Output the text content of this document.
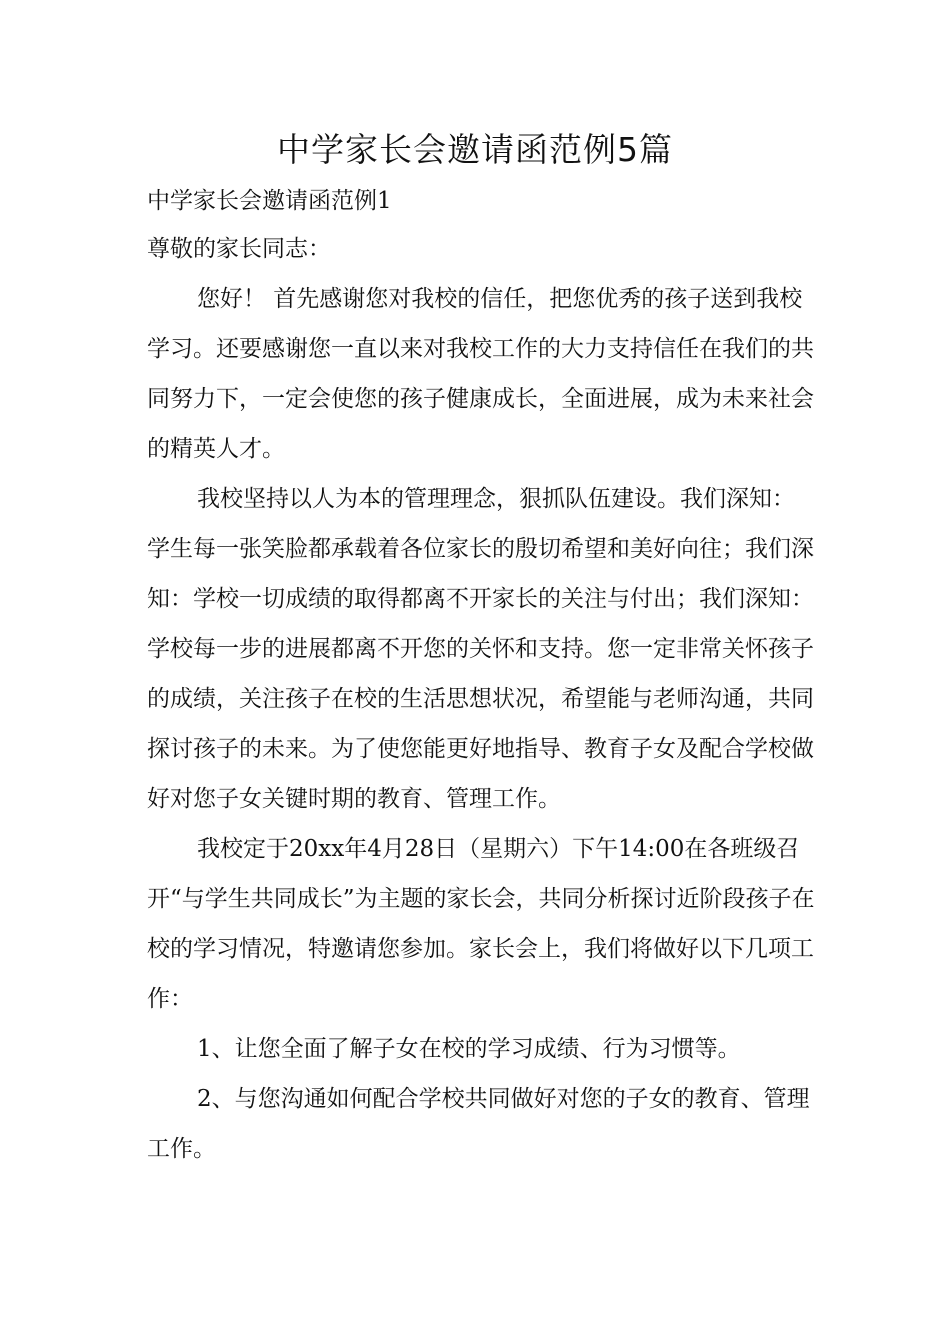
中学家长会邀请函范例5篇

中学家长会邀请函范例1

尊敬的家长同志：

您好！ 首先感谢您对我校的信任，把您优秀的孩子送到我校学习。还要感谢您一直以来对我校工作的大力支持信任在我们的共同努力下，一定会使您的孩子健康成长，全面进展，成为未来社会的精英人才。

我校坚持以人为本的管理理念，狠抓队伍建设。我们深知：学生每一张笑脸都承载着各位家长的殷切希望和美好向往；我们深知：学校一切成绩的取得都离不开家长的关注与付出；我们深知：学校每一步的进展都离不开您的关怀和支持。您一定非常关怀孩子的成绩，关注孩子在校的生活思想状况，希望能与老师沟通，共同探讨孩子的未来。为了使您能更好地指导、教育子女及配合学校做好对您子女关键时期的教育、管理工作。

我校定于20xx年4月28日（星期六）下午14:00在各班级召开“与学生共同成长”为主题的家长会，共同分析探讨近阶段孩子在校的学习情况，特邀请您参加。家长会上，我们将做好以下几项工作：

1、让您全面了解子女在校的学习成绩、行为习惯等。

2、与您沟通如何配合学校共同做好对您的子女的教育、管理工作。
